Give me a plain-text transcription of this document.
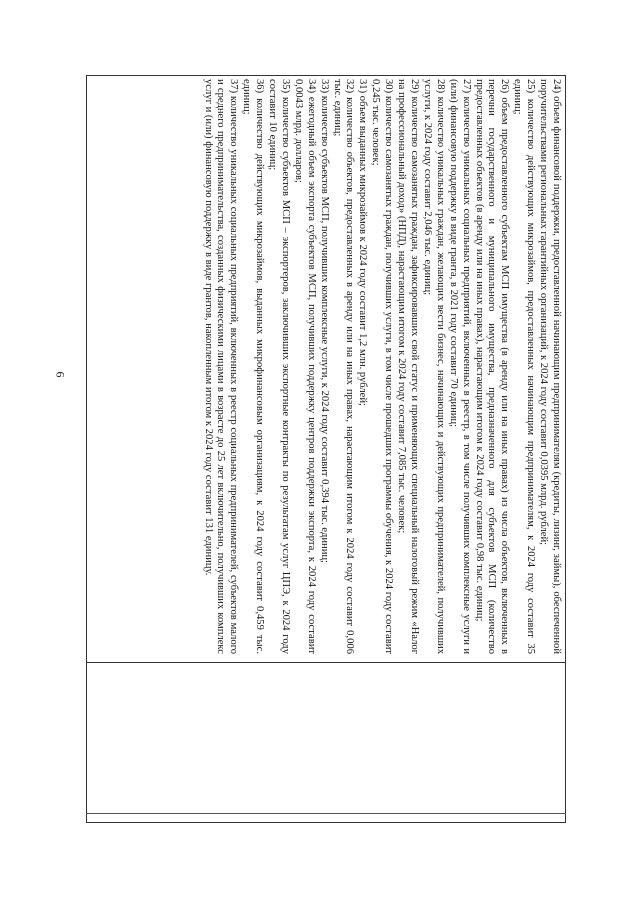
6	24) объем финансовой поддержки, предоставленной начинающим предпринимателям (кредиты, лизинг, займы), обеспеченной поручительствами региональных гарантийных организаций, к 2024 году составит 0,0395 млрд. рублей;

25) количество действующих микрозаймов, предоставленных начинающим предпринимателям, к 2024 году составит 35 единиц;

26) объем предоставленного субъектам МСП имущества (в аренду или на иных правах) из числа объектов, включенных в перечни государственного и муниципального имущества, предназначенного для субъектов МСП (количество предоставленных объектов (в аренду или на иных правах), нарастающим итогом к 2024 году составит 0,98 тыс. единиц;

27) количество уникальных социальных предприятий, включенных в реестр, в том числе получивших комплексные услуги и (или) финансовую поддержку в виде гранта, в 2021 году составит 70 единиц;

28) количество уникальных граждан, желающих вести бизнес, начинающих и действующих предпринимателей, получивших услуги, к 2024 году составит 2,046 тыс. единиц;

29) количество самозанятых граждан, зафиксировавших свой статус и применяющих специальный налоговый режим «Налог на профессиональный доход» (НПД), нарастающим итогом к 2024 году составит 7,085 тыс. человек;

30) количество самозанятых граждан, получивших услуги, в том числе прошедших программы обучения, к 2024 году составит 0,245 тыс. человек;

31) объем выданных микрозаймов к 2024 году составит 1,2 млн. рублей;

32) количество объектов, предоставленных в аренду или на иных правах, нарастающим итогом к 2024 году составит 0,006 тыс. единиц;

33) количество субъектов МСП, получивших комплексные услуги, к 2024 году составит 0,394 тыс. единиц;

34) ежегодный объем экспорта субъектов МСП, получивших поддержку центров поддержки экспорта, к 2024 году составит 0,0043 млрд. долларов;

35) количество субъектов МСП – экспортеров, заключивших экспортные контракты по результатам услуг ЦПЭ, к 2024 году составит 10 единиц;

36) количество действующих микрозаймов, выданных микрофинансовым организациям, к 2024 году составит 0,459 тыс. единиц;

37) количество уникальных социальных предприятий, включенных в реестр социальных предпринимателей, субъектов малого и среднего предпринимательства, созданных физическими лицами в возрасте до 25 лет включительно, получивших комплекс услуг и (или) финансовую поддержку в виде грантов, накопленным итогом к 2024 году составит 131 единицу.
